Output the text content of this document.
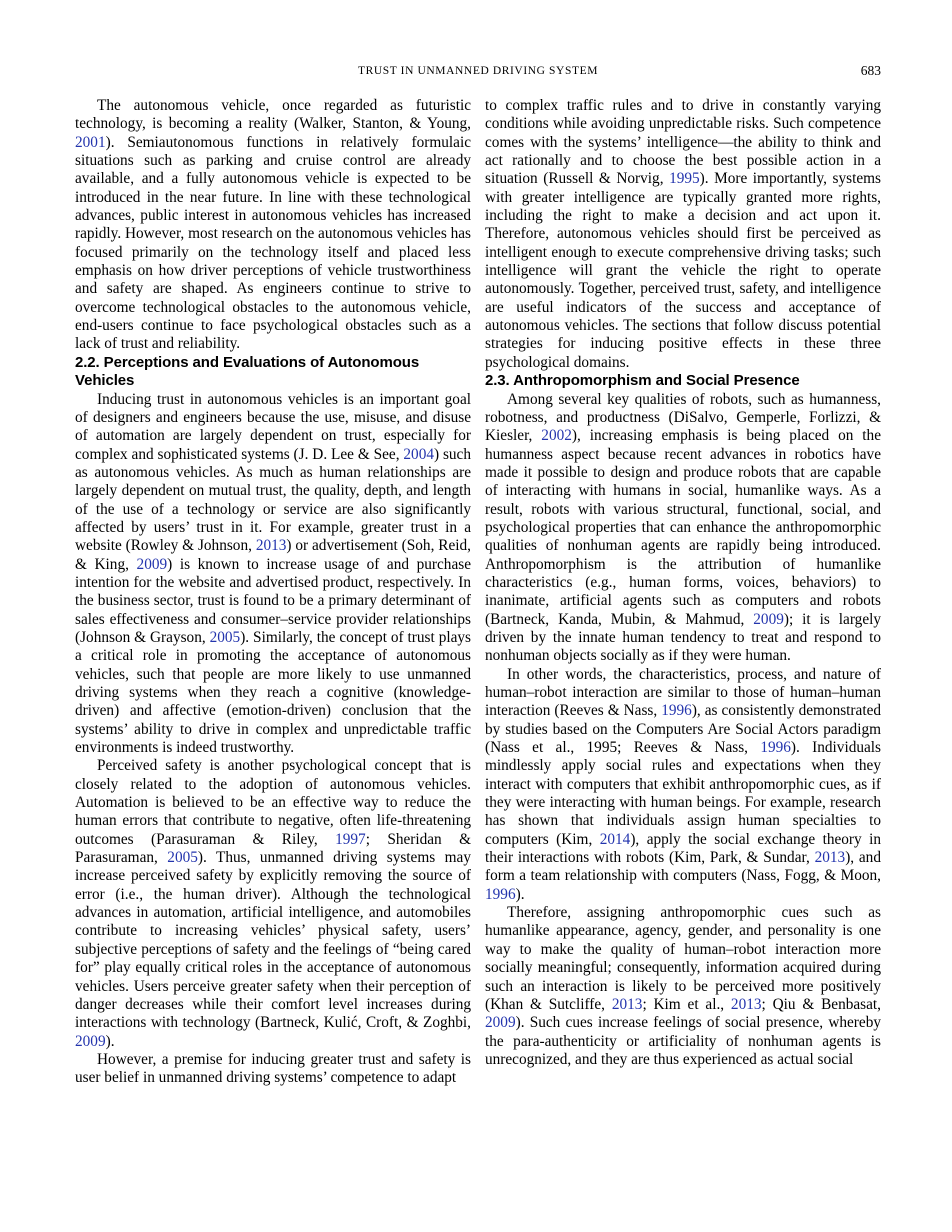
TRUST IN UNMANNED DRIVING SYSTEM	683

The autonomous vehicle, once regarded as futuristic technology, is becoming a reality (Walker, Stanton, & Young, 2001). Semiautonomous functions in relatively formulaic situations such as parking and cruise control are already available, and a fully autonomous vehicle is expected to be introduced in the near future. In line with these technological advances, public interest in autonomous vehicles has increased rapidly. However, most research on the autonomous vehicles has focused primarily on the technology itself and placed less emphasis on how driver perceptions of vehicle trustworthiness and safety are shaped. As engineers continue to strive to overcome technological obstacles to the autonomous vehicle, end-users continue to face psychological obstacles such as a lack of trust and reliability.

2.2. Perceptions and Evaluations of Autonomous Vehicles

Inducing trust in autonomous vehicles is an important goal of designers and engineers because the use, misuse, and disuse of automation are largely dependent on trust, especially for complex and sophisticated systems (J. D. Lee & See, 2004) such as autonomous vehicles. As much as human relationships are largely dependent on mutual trust, the quality, depth, and length of the use of a technology or service are also significantly affected by users’ trust in it. For example, greater trust in a website (Rowley & Johnson, 2013) or advertisement (Soh, Reid, & King, 2009) is known to increase usage of and purchase intention for the website and advertised product, respectively. In the business sector, trust is found to be a primary determinant of sales effectiveness and consumer–service provider relationships (Johnson & Grayson, 2005). Similarly, the concept of trust plays a critical role in promoting the acceptance of autonomous vehicles, such that people are more likely to use unmanned driving systems when they reach a cognitive (knowledge-driven) and affective (emotion-driven) conclusion that the systems’ ability to drive in complex and unpredictable traffic environments is indeed trustworthy.

Perceived safety is another psychological concept that is closely related to the adoption of autonomous vehicles. Automation is believed to be an effective way to reduce the human errors that contribute to negative, often life-threatening outcomes (Parasuraman & Riley, 1997; Sheridan & Parasuraman, 2005). Thus, unmanned driving systems may increase perceived safety by explicitly removing the source of error (i.e., the human driver). Although the technological advances in automation, artificial intelligence, and automobiles contribute to increasing vehicles’ physical safety, users’ subjective perceptions of safety and the feelings of “being cared for” play equally critical roles in the acceptance of autonomous vehicles. Users perceive greater safety when their perception of danger decreases while their comfort level increases during interactions with technology (Bartneck, Kulić, Croft, & Zoghbi, 2009).

However, a premise for inducing greater trust and safety is user belief in unmanned driving systems’ competence to adapt

to complex traffic rules and to drive in constantly varying conditions while avoiding unpredictable risks. Such competence comes with the systems’ intelligence—the ability to think and act rationally and to choose the best possible action in a situation (Russell & Norvig, 1995). More importantly, systems with greater intelligence are typically granted more rights, including the right to make a decision and act upon it. Therefore, autonomous vehicles should first be perceived as intelligent enough to execute comprehensive driving tasks; such intelligence will grant the vehicle the right to operate autonomously. Together, perceived trust, safety, and intelligence are useful indicators of the success and acceptance of autonomous vehicles. The sections that follow discuss potential strategies for inducing positive effects in these three psychological domains.

2.3. Anthropomorphism and Social Presence

Among several key qualities of robots, such as humanness, robotness, and productness (DiSalvo, Gemperle, Forlizzi, & Kiesler, 2002), increasing emphasis is being placed on the humanness aspect because recent advances in robotics have made it possible to design and produce robots that are capable of interacting with humans in social, humanlike ways. As a result, robots with various structural, functional, social, and psychological properties that can enhance the anthropomorphic qualities of nonhuman agents are rapidly being introduced. Anthropomorphism is the attribution of humanlike characteristics (e.g., human forms, voices, behaviors) to inanimate, artificial agents such as computers and robots (Bartneck, Kanda, Mubin, & Mahmud, 2009); it is largely driven by the innate human tendency to treat and respond to nonhuman objects socially as if they were human.

In other words, the characteristics, process, and nature of human–robot interaction are similar to those of human–human interaction (Reeves & Nass, 1996), as consistently demonstrated by studies based on the Computers Are Social Actors paradigm (Nass et al., 1995; Reeves & Nass, 1996). Individuals mindlessly apply social rules and expectations when they interact with computers that exhibit anthropomorphic cues, as if they were interacting with human beings. For example, research has shown that individuals assign human specialties to computers (Kim, 2014), apply the social exchange theory in their interactions with robots (Kim, Park, & Sundar, 2013), and form a team relationship with computers (Nass, Fogg, & Moon, 1996).

Therefore, assigning anthropomorphic cues such as humanlike appearance, agency, gender, and personality is one way to make the quality of human–robot interaction more socially meaningful; consequently, information acquired during such an interaction is likely to be perceived more positively (Khan & Sutcliffe, 2013; Kim et al., 2013; Qiu & Benbasat, 2009). Such cues increase feelings of social presence, whereby the para-authenticity or artificiality of nonhuman agents is unrecognized, and they are thus experienced as actual social
